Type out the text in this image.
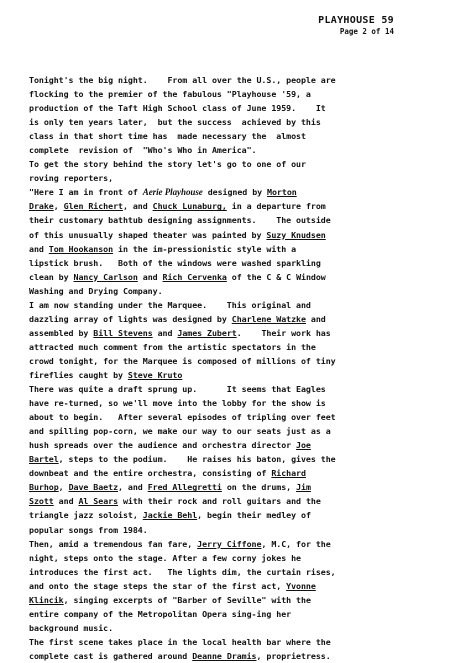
PLAYHOUSE 59
Page 2 of 14
Tonight's the big night.    From all over the U.S., people are
flocking to the premier of the fabulous "Playhouse '59, a
production of the Taft High School class of June 1959.    It
is only ten years later,  but the success  achieved by this
class in that short time has  made necessary the  almost
complete  revision of  "Who's Who in America".
To get the story behind the story let's go to one of our
roving reporters,
"Here I am in front of Aerie Playhouse designed by Morton
Drake, Glen Richert, and Chuck Lunaburg, in a departure from
their customary bathtub designing assignments.    The outside
of this unusually shaped theater was painted by Suzy Knudsen
and Tom Hookanson in the im-pressionistic style with a
lipstick brush.   Both of the windows were washed sparkling
clean by Nancy Carlson and Rich Cervenka of the C & C Window
Washing and Drying Company.
I am now standing under the Marquee.    This original and
dazzling array of lights was designed by Charlene Watzke and
assembled by Bill Stevens and James Zubert.    Their work has
attracted much comment from the artistic spectators in the
crowd tonight, for the Marquee is composed of millions of tiny
fireflies caught by Steve Kruto
There was quite a draft sprung up.      It seems that Eagles
have re-turned, so we'll move into the lobby for the show is
about to begin.   After several episodes of tripling over feet
and spilling pop-corn, we make our way to our seats just as a
hush spreads over the audience and orchestra director Joe
Bartel, steps to the podium.    He raises his baton, gives the
downbeat and the entire orchestra, consisting of Richard
Burhop, Dave Baetz, and Fred Allegretti on the drums, Jim
Szott and Al Sears with their rock and roll guitars and the
triangle jazz soloist, Jackie Behl, begin their medley of
popular songs from 1984.
Then, amid a tremendous fan fare, Jerry Ciffone, M.C, for the
night, steps onto the stage. After a few corny jokes he
introduces the first act.   The lights dim, the curtain rises,
and onto the stage steps the star of the first act, Yvonne
Klincik, singing excerpts of "Barber of Seville" with the
entire company of the Metropolitan Opera sing-ing her
background music.
The first scene takes place in the local health bar where the
complete cast is gathered around Deanne Dramis, proprietress.
